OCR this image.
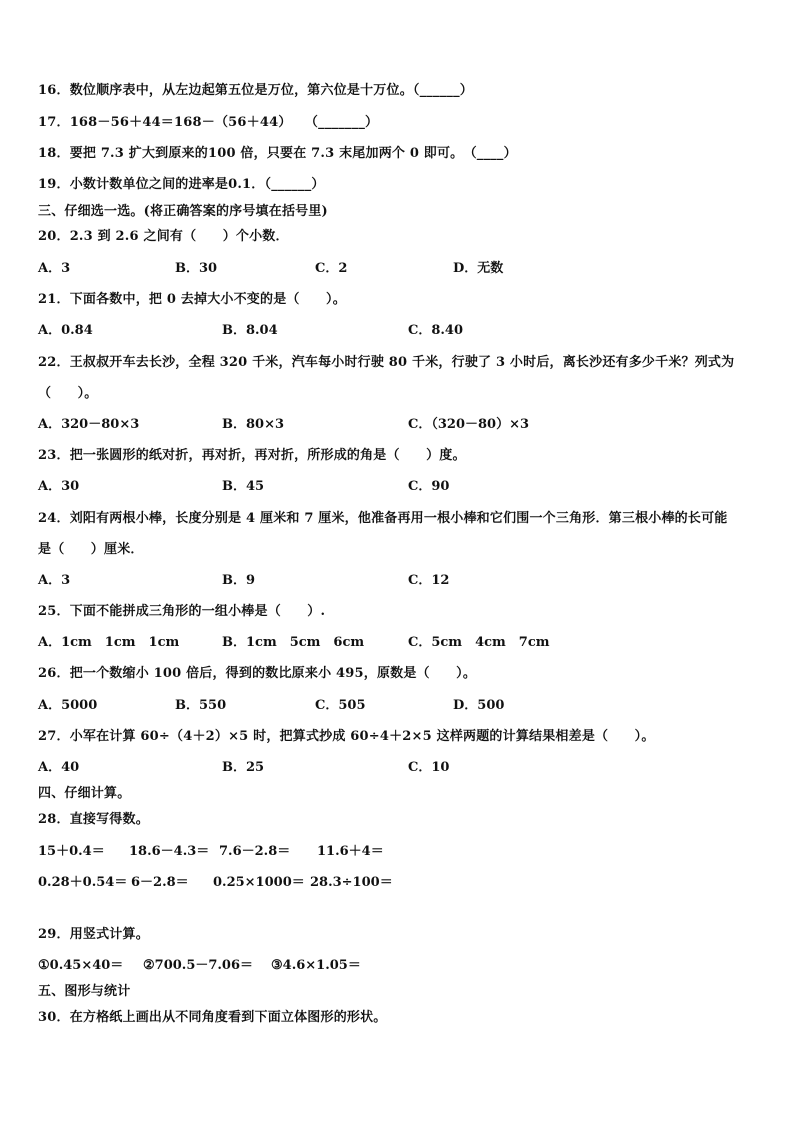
16．数位顺序表中，从左边起第五位是万位，第六位是十万位。（______）
17．168－56＋44＝168－（56＋44）　　（_______）
18．要把 7.3 扩大到原来的100 倍，只要在 7.3 末尾加两个 0 即可。　（____）
19．小数计数单位之间的进率是0.1．（______）
三、仔细选一选。(将正确答案的序号填在括号里)
20．2.3 到 2.6 之间有（　　）个小数．
A．3	B．30	C．2	D．无数
21．下面各数中，把 0 去掉大小不变的是（　　）。
A．0.84	B．8.04	C．8.40
22．王叔叔开车去长沙，全程 320 千米，汽车每小时行驶 80 千米，行驶了 3 小时后，离长沙还有多少千米？列式为
（　　）。
A．320－80×3	B．80×3	C．（320－80）×3
23．把一张圆形的纸对折，再对折，再对折，所形成的角是（　　）度。
A．30	B．45	C．90
24．刘阳有两根小棒，长度分别是 4 厘米和 7 厘米，他准备再用一根小棒和它们围一个三角形．第三根小棒的长可能
是（　　）厘米．
A．3	B．9	C．12
25．下面不能拼成三角形的一组小棒是（　　）.
A．1cm　1cm　1cm	B．1cm　5cm　6cm	C．5cm　4cm　7cm
26．把一个数缩小 100 倍后，得到的数比原来小 495，原数是（　　）。
A．5000	B．550	C．505	D．500
27．小军在计算 60÷（4＋2）×5 时，把算式抄成 60÷4＋2×5 这样两题的计算结果相差是（　　）。
A．40	B．25	C．10
四、仔细计算。
28．直接写得数。
15＋0.4＝ 18.6－4.3＝ 7.6－2.8＝ 11.6＋4＝
0.28＋0.54＝ 6－2.8＝ 0.25×1000＝ 28.3÷100＝
29．用竖式计算。
①0.45×40＝ ②700.5－7.06＝ ③4.6×1.05＝
五、图形与统计
30．在方格纸上画出从不同角度看到下面立体图形的形状。
